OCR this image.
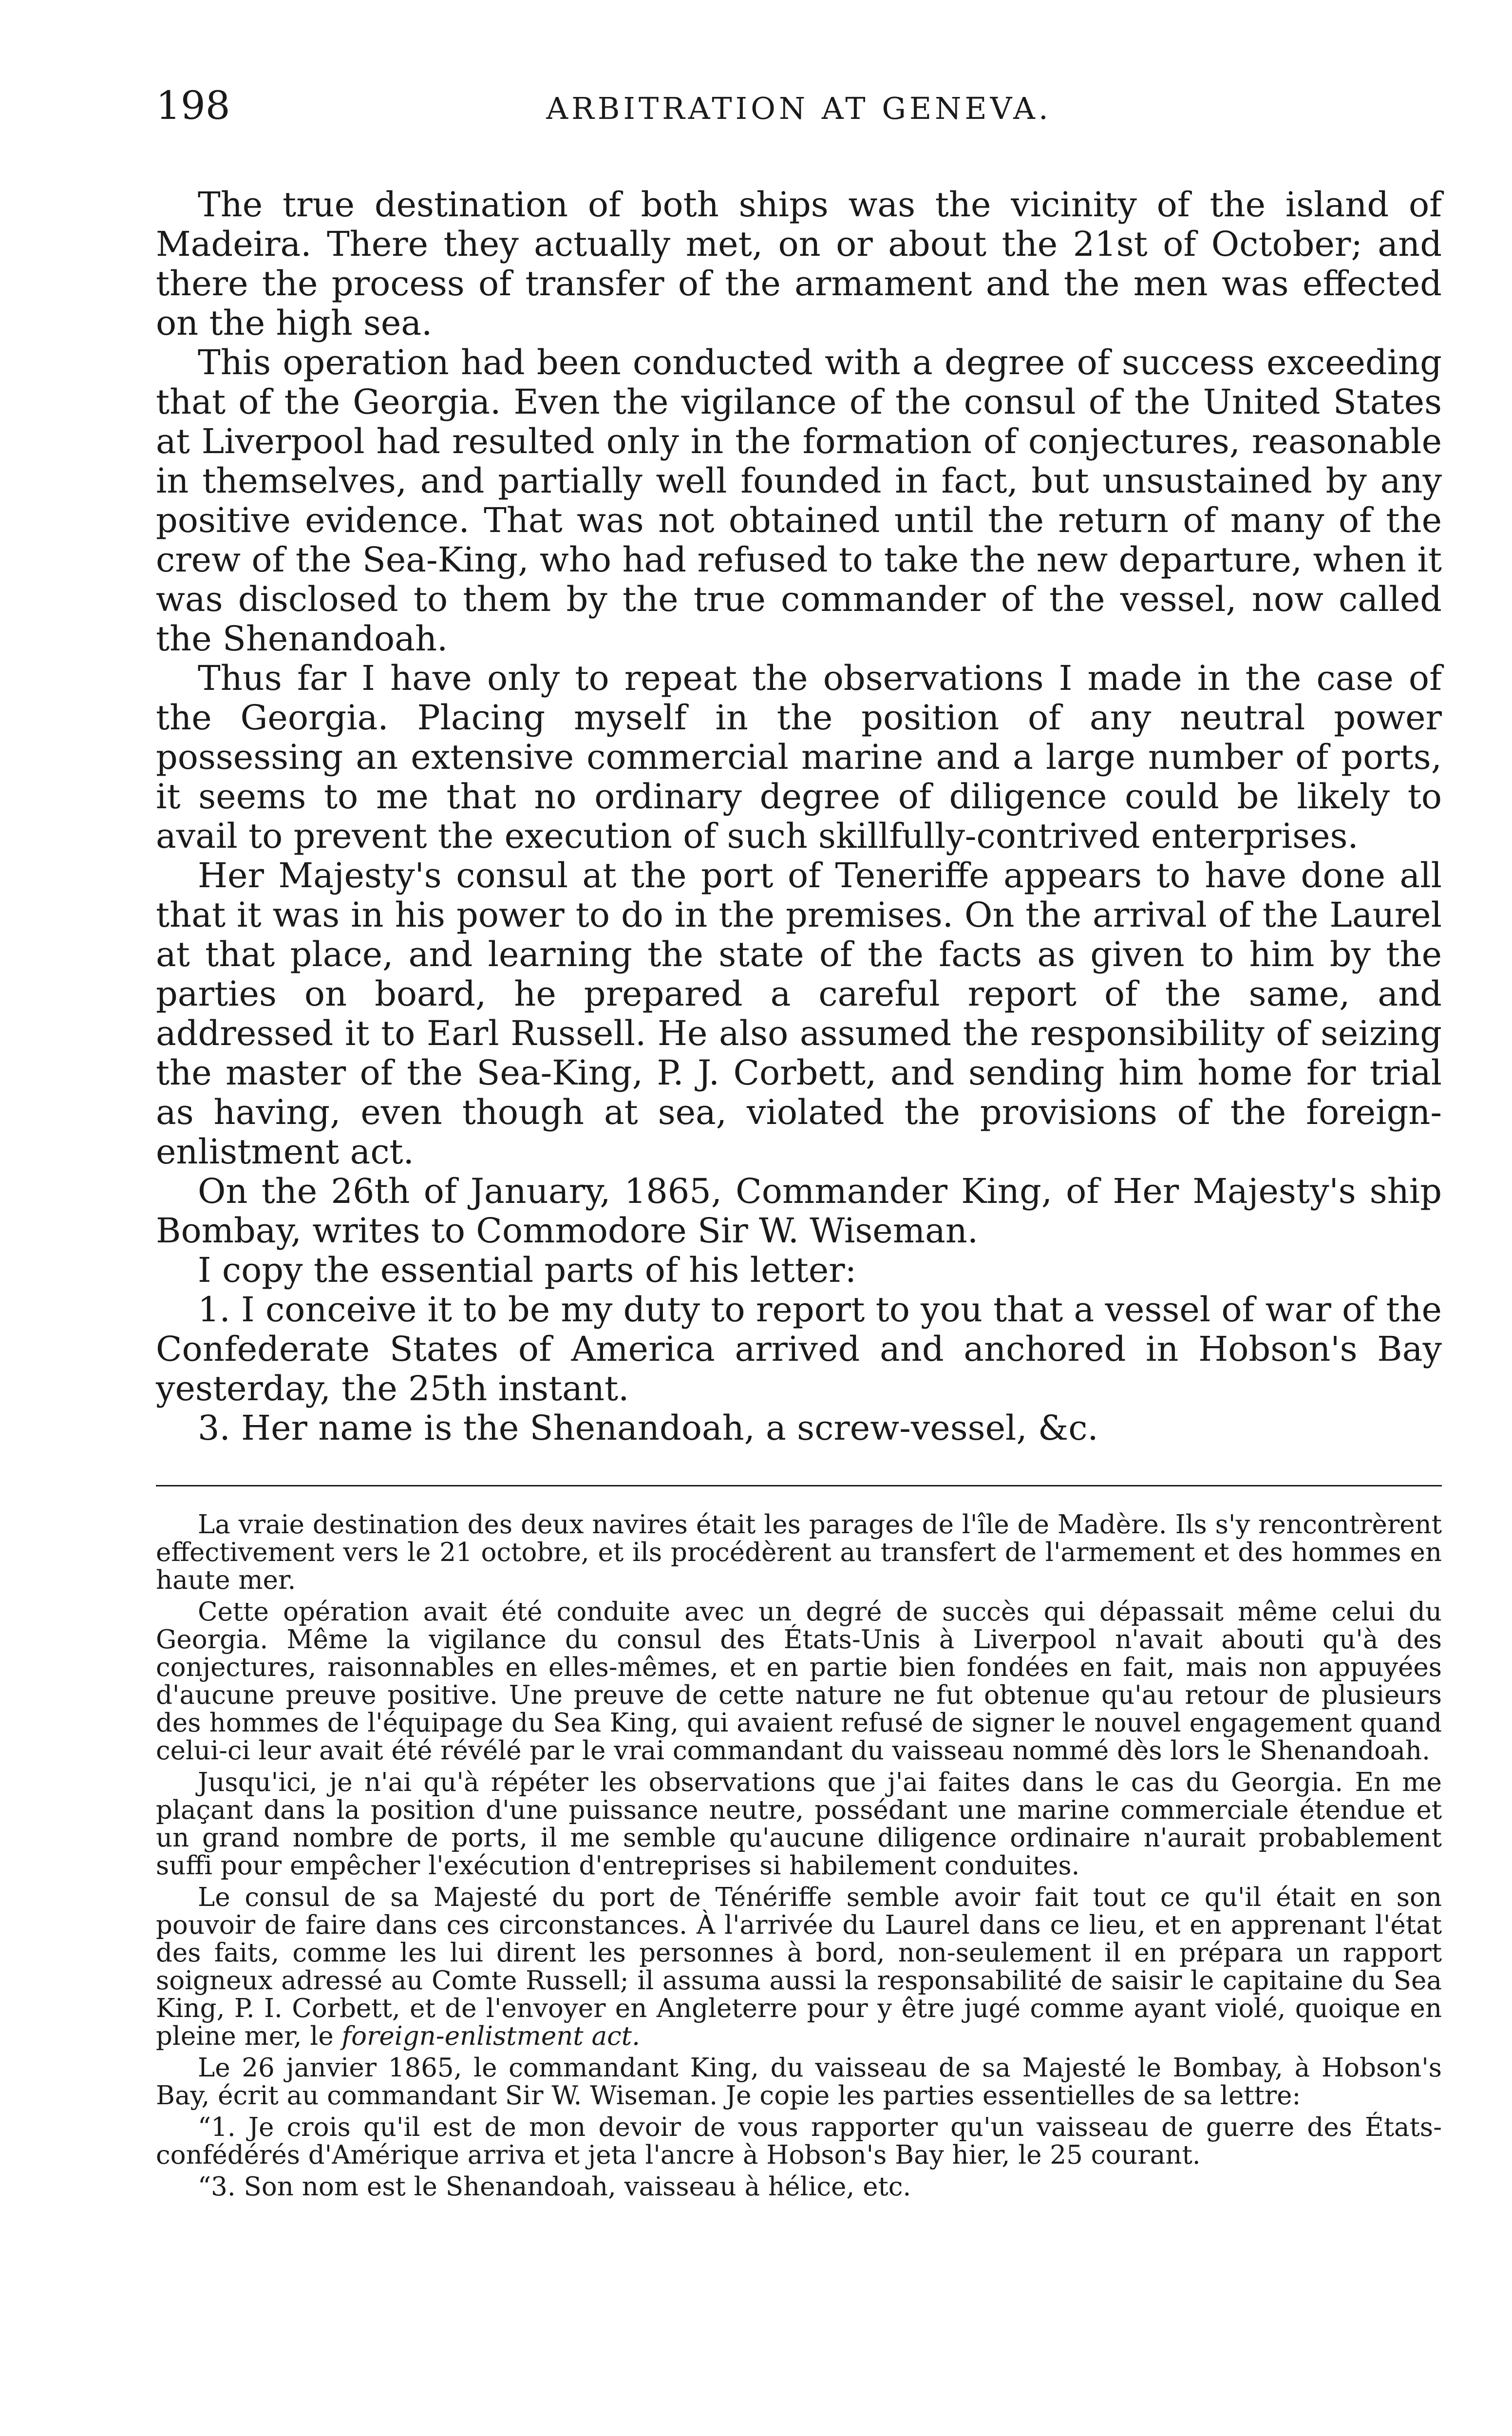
198	ARBITRATION AT GENEVA.

The true destination of both ships was the vicinity of the island of Madeira. There they actually met, on or about the 21st of October; and there the process of transfer of the armament and the men was effected on the high sea.

This operation had been conducted with a degree of success exceeding that of the Georgia. Even the vigilance of the consul of the United States at Liverpool had resulted only in the formation of conjectures, reasonable in themselves, and partially well founded in fact, but unsustained by any positive evidence. That was not obtained until the return of many of the crew of the Sea-King, who had refused to take the new departure, when it was disclosed to them by the true commander of the vessel, now called the Shenandoah.

Thus far I have only to repeat the observations I made in the case of the Georgia. Placing myself in the position of any neutral power possessing an extensive commercial marine and a large number of ports, it seems to me that no ordinary degree of diligence could be likely to avail to prevent the execution of such skillfully-contrived enterprises.

Her Majesty's consul at the port of Teneriffe appears to have done all that it was in his power to do in the premises. On the arrival of the Laurel at that place, and learning the state of the facts as given to him by the parties on board, he prepared a careful report of the same, and addressed it to Earl Russell. He also assumed the responsibility of seizing the master of the Sea-King, P. J. Corbett, and sending him home for trial as having, even though at sea, violated the provisions of the foreign-enlistment act.

On the 26th of January, 1865, Commander King, of Her Majesty's ship Bombay, writes to Commodore Sir W. Wiseman.

I copy the essential parts of his letter:

1. I conceive it to be my duty to report to you that a vessel of war of the Confederate States of America arrived and anchored in Hobson's Bay yesterday, the 25th instant.

3. Her name is the Shenandoah, a screw-vessel, &c.

La vraie destination des deux navires était les parages de l'île de Madère. Ils s'y rencontrèrent effectivement vers le 21 octobre, et ils procédèrent au transfert de l'armement et des hommes en haute mer.

Cette opération avait été conduite avec un degré de succès qui dépassait même celui du Georgia. Même la vigilance du consul des États-Unis à Liverpool n'avait abouti qu'à des conjectures, raisonnables en elles-mêmes, et en partie bien fondées en fait, mais non appuyées d'aucune preuve positive. Une preuve de cette nature ne fut obtenue qu'au retour de plusieurs des hommes de l'équipage du Sea King, qui avaient refusé de signer le nouvel engagement quand celui-ci leur avait été révélé par le vrai commandant du vaisseau nommé dès lors le Shenandoah.

Jusqu'ici, je n'ai qu'à répéter les observations que j'ai faites dans le cas du Georgia. En me plaçant dans la position d'une puissance neutre, possédant une marine commerciale étendue et un grand nombre de ports, il me semble qu'aucune diligence ordinaire n'aurait probablement suffi pour empêcher l'exécution d'entreprises si habilement conduites.

Le consul de sa Majesté du port de Ténériffe semble avoir fait tout ce qu'il était en son pouvoir de faire dans ces circonstances. À l'arrivée du Laurel dans ce lieu, et en apprenant l'état des faits, comme les lui dirent les personnes à bord, non-seulement il en prépara un rapport soigneux adressé au Comte Russell; il assuma aussi la responsabilité de saisir le capitaine du Sea King, P. I. Corbett, et de l'envoyer en Angleterre pour y être jugé comme ayant violé, quoique en pleine mer, le foreign-enlistment act.

Le 26 janvier 1865, le commandant King, du vaisseau de sa Majesté le Bombay, à Hobson's Bay, écrit au commandant Sir W. Wiseman. Je copie les parties essentielles de sa lettre:

“1. Je crois qu'il est de mon devoir de vous rapporter qu'un vaisseau de guerre des États-confédérés d'Amérique arriva et jeta l'ancre à Hobson's Bay hier, le 25 courant.

“3. Son nom est le Shenandoah, vaisseau à hélice, etc.
